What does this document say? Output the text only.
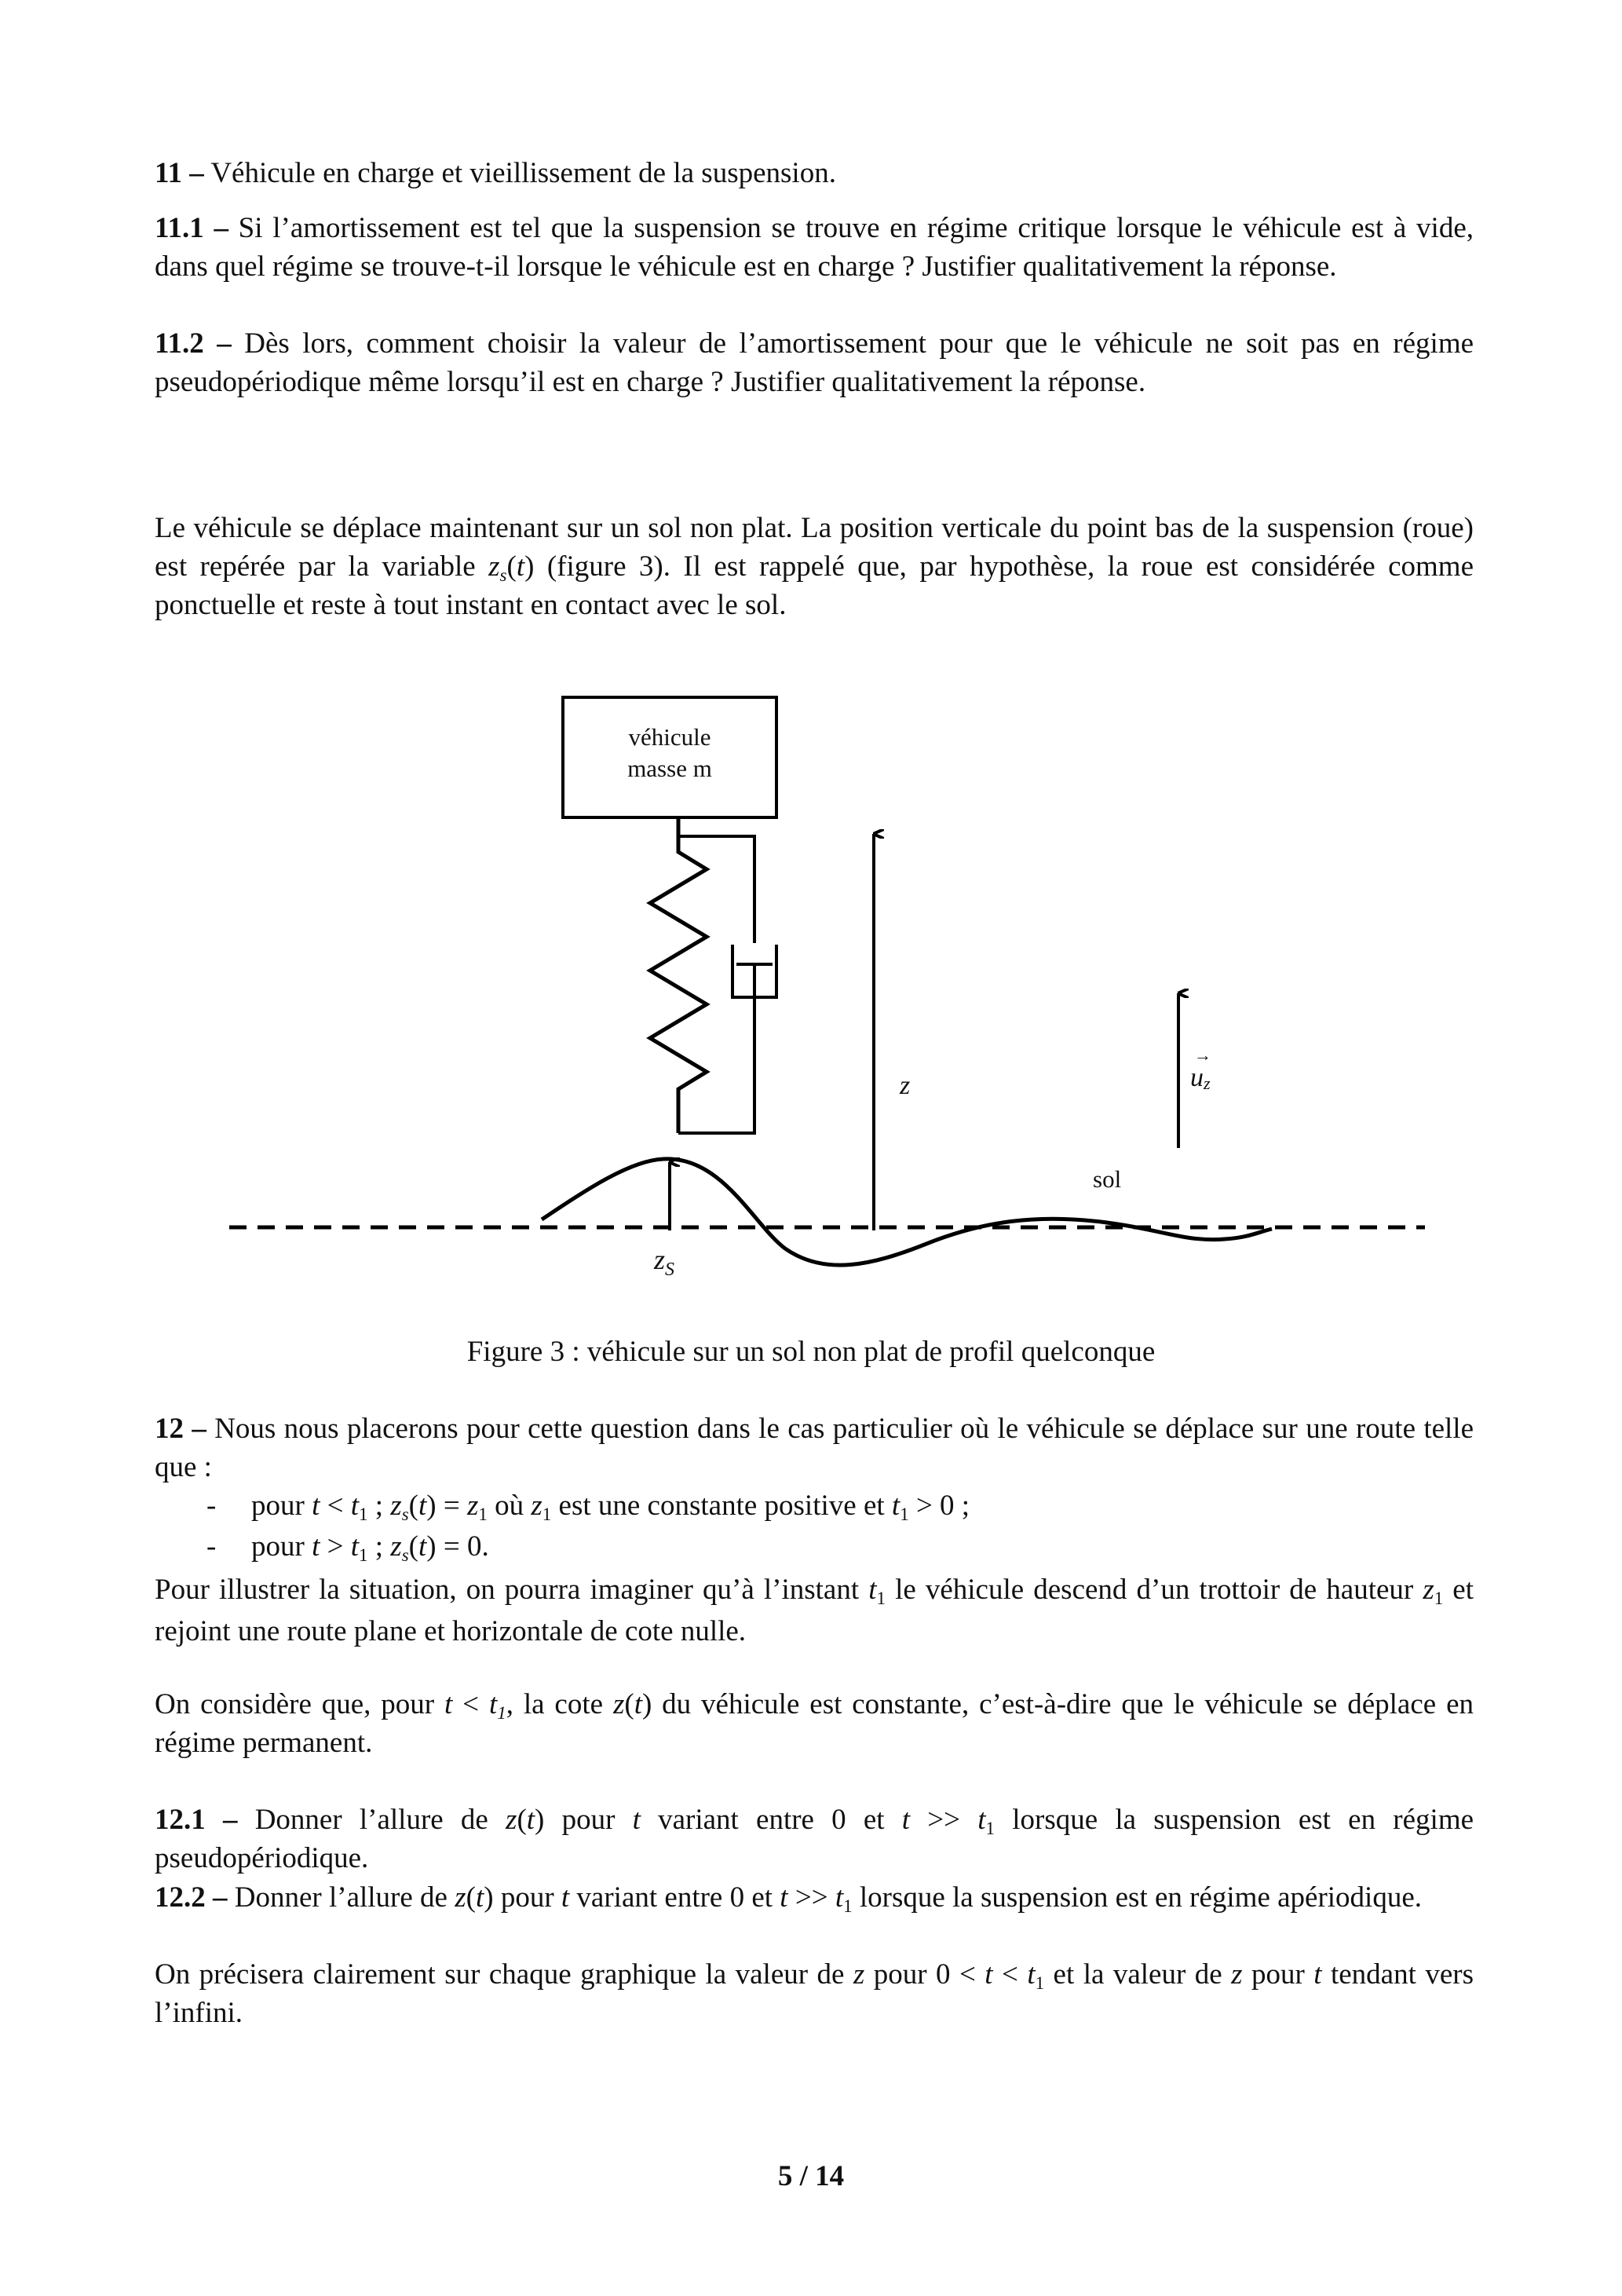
11 – Véhicule en charge et vieillissement de la suspension.
11.1 – Si l’amortissement est tel que la suspension se trouve en régime critique lorsque le véhicule est à vide, dans quel régime se trouve-t-il lorsque le véhicule est en charge ? Justifier qualitativement la réponse.
11.2 – Dès lors, comment choisir la valeur de l’amortissement pour que le véhicule ne soit pas en régime pseudopériodique même lorsqu’il est en charge ? Justifier qualitativement la réponse.
Le véhicule se déplace maintenant sur un sol non plat. La position verticale du point bas de la suspension (roue) est repérée par la variable $z_s(t)$ (figure 3). Il est rappelé que, par hypothèse, la roue est considérée comme ponctuelle et reste à tout instant en contact avec le sol.
véhicule
masse m
z
→
uz
sol
$z_S$
Figure 3 : véhicule sur un sol non plat de profil quelconque
12 – Nous nous placerons pour cette question dans le cas particulier où le véhicule se déplace sur une route telle que :
- pour $t < t_1$ ; $z_s(t) = z_1$ où $z_1$ est une constante positive et $t_1 > 0$ ;
- pour $t > t_1$ ; $z_s(t) = 0$.
Pour illustrer la situation, on pourra imaginer qu’à l’instant $t_1$ le véhicule descend d’un trottoir de hauteur $z_1$ et rejoint une route plane et horizontale de cote nulle.
On considère que, pour $t < t_1$, la cote z(t) du véhicule est constante, c’est-à-dire que le véhicule se déplace en régime permanent.
12.1 – Donner l’allure de z(t) pour t variant entre 0 et $t >> t_1$ lorsque la suspension est en régime pseudopériodique.
12.2 – Donner l’allure de z(t) pour t variant entre 0 et $t >> t_1$ lorsque la suspension est en régime apériodique.
On précisera clairement sur chaque graphique la valeur de z pour $0 < t < t_1$ et la valeur de z pour t tendant vers l’infini.
5 / 14
